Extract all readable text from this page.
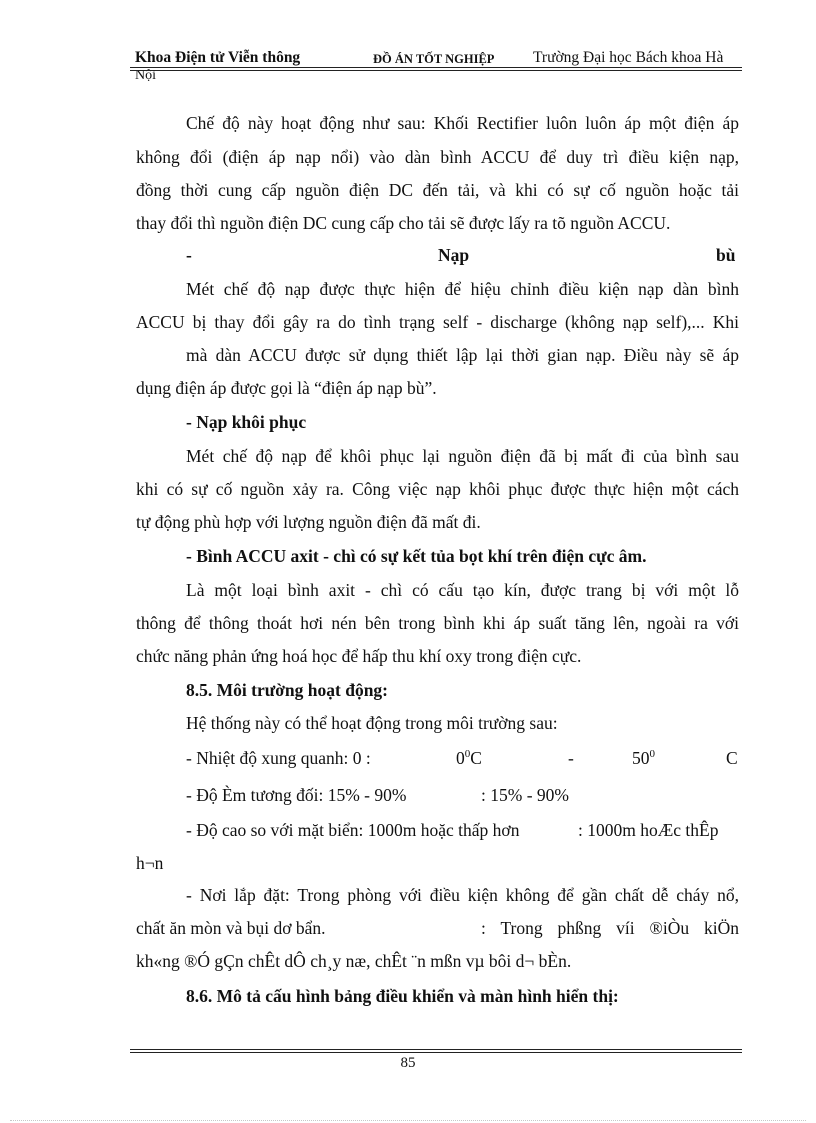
Khoa Điện tử Viễn thông	ĐỒ ÁN TỐT NGHIỆP Trường Đại học Bách khoa Hà
Nội
Chế độ này hoạt động như sau: Khối Rectifier luôn luôn áp một điện áp
không đổi (điện áp nạp nổi) vào dàn bình ACCU để duy trì điều kiện nạp,
đồng thời cung cấp nguồn điện DC đến tải, và khi có sự cố nguồn hoặc tải
thay đổi thì nguồn điện DC cung cấp cho tải sẽ được lấy ra tõ nguồn ACCU.
-	Nạp	bù
Mét chế độ nạp được thực hiện để hiệu chỉnh điều kiện nạp dàn bình
ACCU bị thay đổi gây ra do tình trạng self - discharge (không nạp self),... Khi
mà dàn ACCU được sử dụng thiết lập lại thời gian nạp. Điều này sẽ áp
dụng điện áp được gọi là “điện áp nạp bù”.
- Nạp khôi phục
Mét chế độ nạp để khôi phục lại nguồn điện đã bị mất đi của bình sau
khi có sự cố nguồn xảy ra. Công việc nạp khôi phục được thực hiện một cách
tự động phù hợp với lượng nguồn điện đã mất đi.
- Bình ACCU axit - chì có sự kết tủa bọt khí trên điện cực âm.
Là một loại bình axit - chì có cấu tạo kín, được trang bị với một lỗ
thông để thông thoát hơi nén bên trong bình khi áp suất tăng lên, ngoài ra với
chức năng phản ứng hoá học để hấp thu khí oxy trong điện cực.
8.5. Môi trường hoạt động:
Hệ thống này có thể hoạt động trong môi trường sau:
- Nhiệt độ xung quanh: 0 :	$0^0C$	-	$50^0$	C
- Độ Èm tương đối: 15% - 90%	: 15% - 90%
- Độ cao so với mặt biển: 1000m hoặc thấp hơn	: 1000m hoÆc thÊp
h¬n
- Nơi lắp đặt: Trong phòng với điều kiện không để gần chất dễ cháy nổ,
chất ăn mòn và bụi dơ bẩn.	: Trong phßng víi ®iÒu kiÖn
kh«ng ®Ó gÇn chÊt dÔ ch¸y næ, chÊt ¨n mßn vµ bôi d¬ bÈn.
8.6. Mô tả cấu hình bảng điều khiển và màn hình hiển thị:
85
